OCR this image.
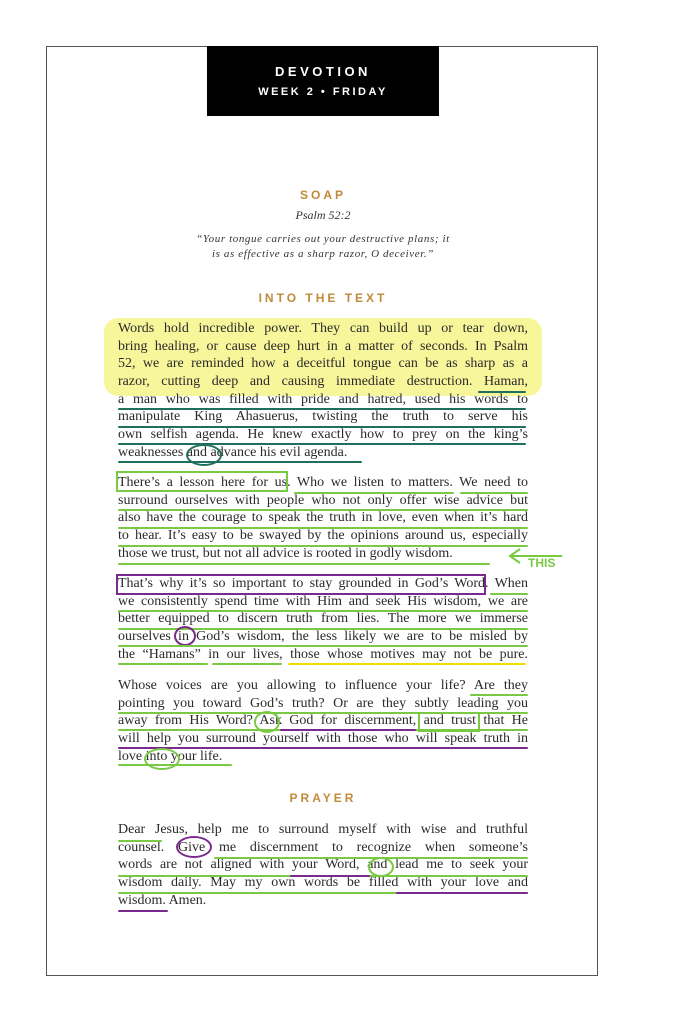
DEVOTION
WEEK 2 • FRIDAY
SOAP
Psalm 52:2
“Your tongue carries out your destructive plans; it
is as effective as a sharp razor, O deceiver.”
INTO THE TEXT
Words hold incredible power. They can build up or tear down,
bring healing, or cause deep hurt in a matter of seconds. In Psalm
52, we are reminded how a deceitful tongue can be as sharp as a
razor, cutting deep and causing immediate destruction. Haman,
a man who was filled with pride and hatred, used his words to
manipulate King Ahasuerus, twisting the truth to serve his
own selfish agenda. He knew exactly how to prey on the king’s
weaknesses and advance his evil agenda.
There’s a lesson here for us. Who we listen to matters. We need to
surround ourselves with people who not only offer wise advice but
also have the courage to speak the truth in love, even when it’s hard
to hear. It’s easy to be swayed by the opinions around us, especially
those we trust, but not all advice is rooted in godly wisdom.
That’s why it’s so important to stay grounded in God’s Word. When
we consistently spend time with Him and seek His wisdom, we are
better equipped to discern truth from lies. The more we immerse
ourselves in God’s wisdom, the less likely we are to be misled by
the “Hamans” in our lives, those whose motives may not be pure.
Whose voices are you allowing to influence your life? Are they
pointing you toward God’s truth? Or are they subtly leading you
away from His Word? Ask God for discernment, and trust that He
will help you surround yourself with those who will speak truth in
love into your life.
PRAYER
Dear Jesus, help me to surround myself with wise and truthful
counsel. Give me discernment to recognize when someone’s
words are not aligned with your Word, and lead me to seek your
wisdom daily. May my own words be filled with your love and
wisdom. Amen.
THIS
